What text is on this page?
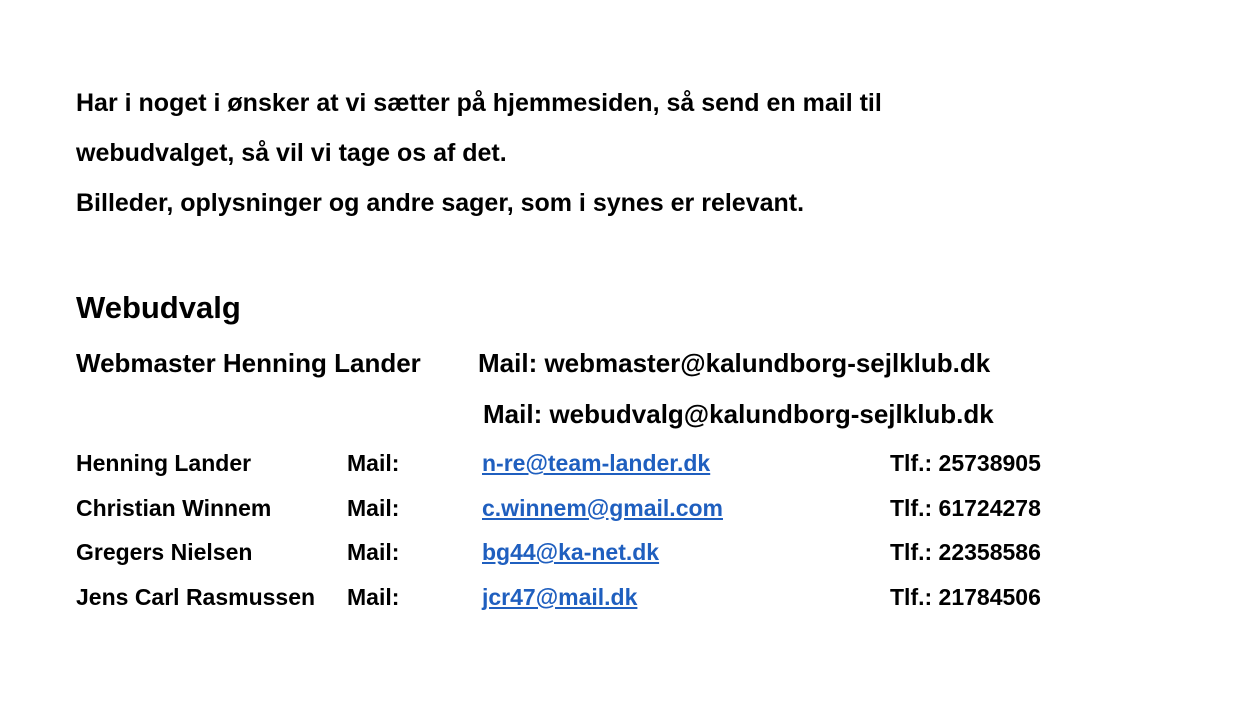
Har i noget i ønsker at vi sætter på hjemmesiden, så send en mail til

webudvalget, så vil vi tage os af det.

Billeder, oplysninger og andre sager, som i synes er relevant.

Webudvalg
Webmaster Henning Lander Mail: webmaster@kalundborg-sejlklub.dk
Mail: webudvalg@kalundborg-sejlklub.dk
Henning Lander	Mail:	n-re@team-lander.dk	Tlf.: 25738905
Christian Winnem	Mail:	c.winnem@gmail.com	Tlf.: 61724278
Gregers Nielsen	Mail:	bg44@ka-net.dk	Tlf.: 22358586
Jens Carl Rasmussen Mail:	jcr47@mail.dk	Tlf.: 21784506
